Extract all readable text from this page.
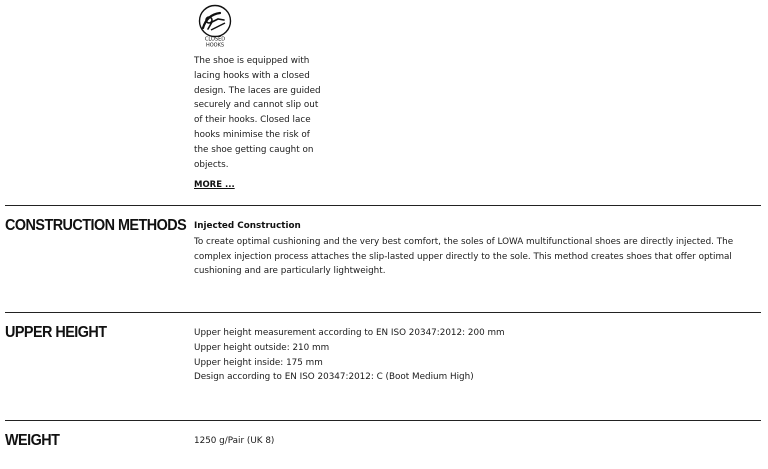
CLOSED
HOOKS
The shoe is equipped with lacing hooks with a closed design. The laces are guided securely and cannot slip out of their hooks. Closed lace hooks minimise the risk of the shoe getting caught on objects.
MORE ...
CONSTRUCTION METHODS Injected Construction

To create optimal cushioning and the very best comfort, the soles of LOWA multifunctional shoes are directly injected. The complex injection process attaches the slip-lasted upper directly to the sole. This method creates shoes that offer optimal cushioning and are particularly lightweight.

UPPER HEIGHT	Upper height measurement according to EN ISO 20347:2012: 200 mm

Upper height outside: 210 mm

Upper height inside: 175 mm

Design according to EN ISO 20347:2012: C (Boot Medium High)

WEIGHT	1250 g/Pair (UK 8)
